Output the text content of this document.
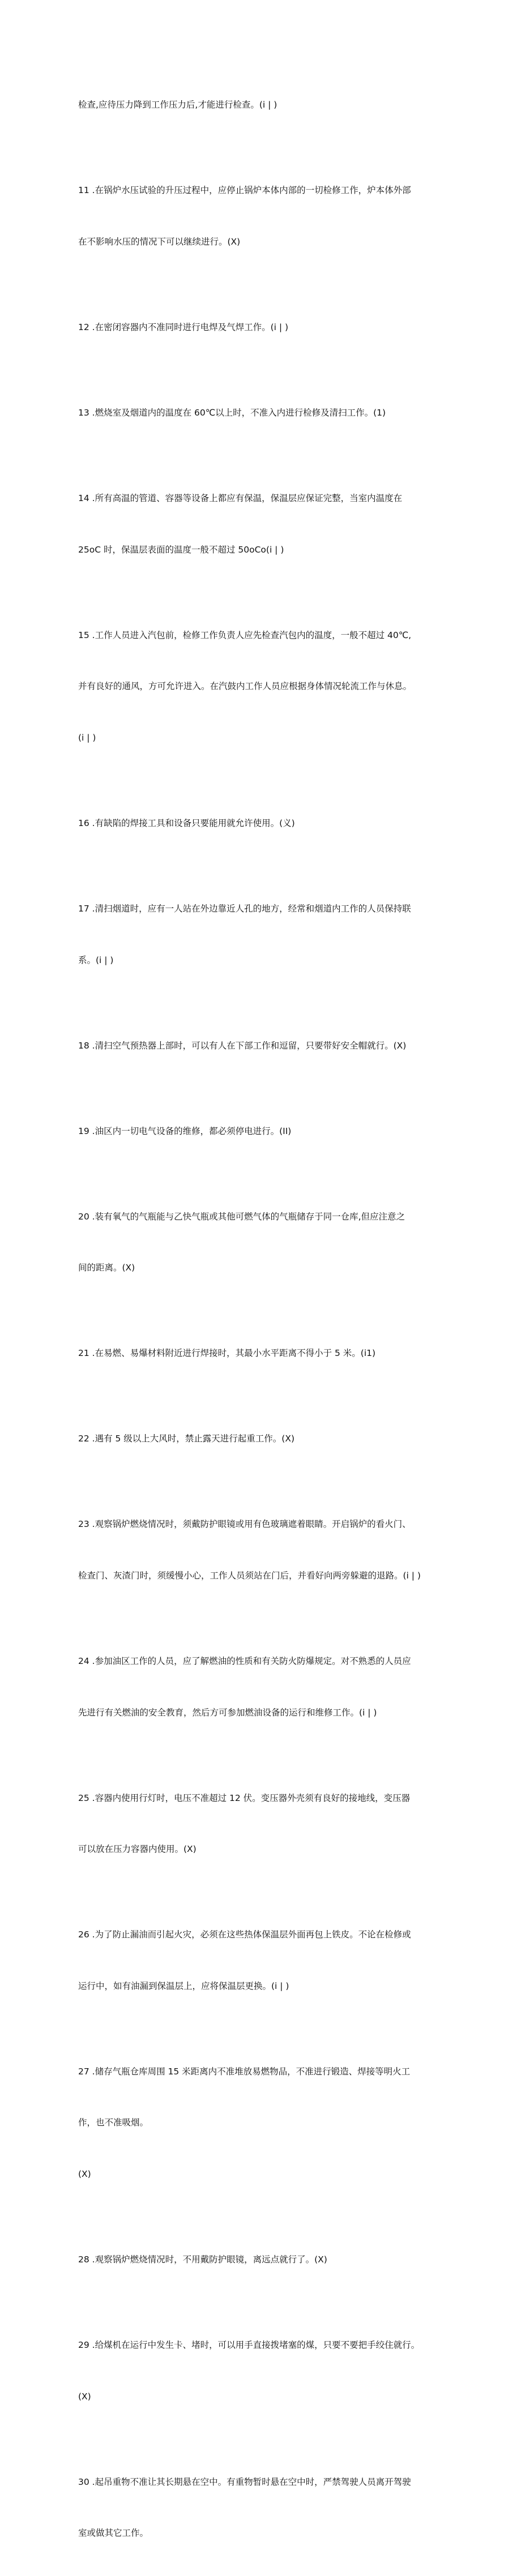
检查,应待压力降到工作压力后,才能进行检查。(i | )

11 .在锅炉水压试验的升压过程中，应停止锅炉本体内部的一切检修工作，炉本体外部

在不影响水压的情况下可以继续进行。(X)

12 .在密闭容器内不准同时进行电焊及气焊工作。(i | )

13 .燃烧室及烟道内的温度在 60℃以上时，不准入内进行检修及清扫工作。(1)

14 .所有高温的管道、容器等设备上都应有保温，保温层应保证完整，当室内温度在

25oC 时，保温层表面的温度一般不超过 50oCo(i | )

15 .工作人员进入汽包前，检修工作负责人应先检查汽包内的温度，一般不超过 40℃,

并有良好的通风，方可允许进入。在汽鼓内工作人员应根据身体情况轮流工作与休息。

(i | )

16 .有缺陷的焊接工具和设备只要能用就允许使用。(义)

17 .清扫烟道时，应有一人站在外边靠近人孔的地方，经常和烟道内工作的人员保持联

系。(i | )

18 .清扫空气预热器上部时，可以有人在下部工作和逗留，只要带好安全帽就行。(X)

19 .油区内一切电气设备的维修，都必须停电进行。(II)

20 .装有氧气的气瓶能与乙快气瓶或其他可燃气体的气瓶储存于同一仓库,但应注意之

间的距离。(X)

21 .在易燃、易爆材料附近进行焊接时，其最小水平距离不得小于 5 米。(i1)

22 .遇有 5 级以上大风时，禁止露天进行起重工作。(X)

23 .观察锅炉燃烧情况时，须戴防护眼镜或用有色玻璃遮着眼睛。开启锅炉的看火门、

检查门、灰渣门时，须缓慢小心，工作人员须站在门后，并看好向两旁躲避的退路。(i | )

24 .参加油区工作的人员，应了解燃油的性质和有关防火防爆规定。对不熟悉的人员应

先进行有关燃油的安全教育，然后方可参加燃油设备的运行和维修工作。(i | )

25 .容器内使用行灯时，电压不准超过 12 伏。变压器外壳须有良好的接地线，变压器

可以放在压力容器内使用。(X)

26 .为了防止漏油而引起火灾，必须在这些热体保温层外面再包上铁皮。不论在检修或

运行中，如有油漏到保温层上，应将保温层更换。(i | )

27 .储存气瓶仓库周围 15 米距离内不准堆放易燃物品，不准进行锻造、焊接等明火工

作，也不准吸烟。

(X)

28 .观察锅炉燃烧情况时，不用戴防护眼镜，离远点就行了。(X)

29 .给煤机在运行中发生卡、堵时，可以用手直接拨堵塞的煤，只要不要把手绞住就行。

(X)

30 .起吊重物不准让其长期悬在空中。有重物暂时悬在空中时，严禁驾驶人员离开驾驶

室或做其它工作。
